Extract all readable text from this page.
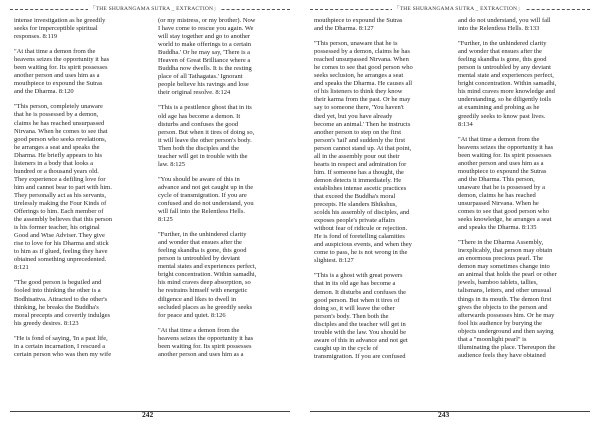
「THE SHURANGAMA SUTRA _ EXTRACTION」

intense investigation as he greedily
seeks for imperceptible spiritual
responses. 8:119

"At that time a demon from the
heavens seizes the opportunity it has
been waiting for. Its spirit possesses
another person and uses him as a
mouthpiece to expound the Sutras
and the Dharma. 8:120

"This person, completely unaware
that he is possessed by a demon,
claims he has reached unsurpassed
Nirvana. When he comes to see that
good person who seeks revelations,
he arranges a seat and speaks the
Dharma. He briefly appears to his
listeners in a body that looks a
hundred or a thousand years old.
They experience a defiling love for
him and cannot bear to part with him.
They personally act as his servants,
tirelessly making the Four Kinds of
Offerings to him. Each member of
the assembly believes that this person
is his former teacher, his original
Good and Wise Adviser. They give
rise to love for his Dharma and stick
to him as if glued, feeling they have
obtained something unprecedented.
8:121

"The good person is beguiled and
fooled into thinking the other is a
Bodhisattva. Attracted to the other's
thinking, he breaks the Buddha's
moral precepts and covertly indulges
his greedy desires. 8:123

"He is fond of saying, 'In a past life,
in a certain incarnation, I rescued a
certain person who was then my wife

(or my mistress, or my brother). Now
I have come to rescue you again. We
will stay together and go to another
world to make offerings to a certain
Buddha.' Or he may say, 'There is a
Heaven of Great Brilliance where a
Buddha now dwells. It is the resting
place of all Tathagatas.' Ignorant
people believe his ravings and lose
their original resolve. 8:124

"This is a pestilence ghost that in its
old age has become a demon. It
disturbs and confuses the good
person. But when it tires of doing so,
it will leave the other person's body.
Then both the disciples and the
teacher will get in trouble with the
law. 8:125

"You should be aware of this in
advance and not get caught up in the
cycle of transmigration. If you are
confused and do not understand, you
will fall into the Relentless Hells.
8:125

"Further, in the unhindered clarity
and wonder that ensues after the
feeling skandha is gone, this good
person is untroubled by deviant
mental states and experiences perfect,
bright concentration. Within samadhi,
his mind craves deep absorption, so
he restrains himself with energetic
diligence and likes to dwell in
secluded places as he greedily seeks
for peace and quiet. 8:126

"At that time a demon from the
heavens seizes the opportunity it has
been waiting for. Its spirit possesses
another person and uses him as a

242
「THE SHURANGAMA SUTRA _ EXTRACTION」

mouthpiece to expound the Sutras
and the Dharma. 8:127

"This person, unaware that he is
possessed by a demon, claims he has
reached unsurpassed Nirvana. When
he comes to see that good person who
seeks seclusion, he arranges a seat
and speaks the Dharma. He causes all
of his listeners to think they know
their karma from the past. Or he may
say to someone there, 'You haven't
died yet, but you have already
become an animal.' Then he instructs
another person to step on the first
person's 'tail' and suddenly the first
person cannot stand up. At that point,
all in the assembly pour out their
hearts in respect and admiration for
him. If someone has a thought, the
demon detects it immediately. He
establishes intense ascetic practices
that exceed the Buddha's moral
precepts. He slanders Bhikshus,
scolds his assembly of disciples, and
exposes people's private affairs
without fear of ridicule or rejection.
He is fond of foretelling calamities
and auspicious events, and when they
come to pass, he is not wrong in the
slightest. 8:127

"This is a ghost with great powers
that in its old age has become a
demon. It disturbs and confuses the
good person. But when it tires of
doing so, it will leave the other
person's body. Then both the
disciples and the teacher will get in
trouble with the law. You should be
aware of this in advance and not get
caught up in the cycle of
transmigration. If you are confused

and do not understand, you will fall
into the Relentless Hells. 8:133

"Further, in the unhindered clarity
and wonder that ensues after the
feeling skandha is gone, this good
person is untroubled by any deviant
mental state and experiences perfect,
bright concentration. Within samadhi,
his mind craves more knowledge and
understanding, so he diligently toils
at examining and probing as he
greedily seeks to know past lives.
8:134

"At that time a demon from the
heavens seizes the opportunity it has
been waiting for. Its spirit possesses
another person and uses him as a
mouthpiece to expound the Sutras
and the Dharma. This person,
unaware that he is possessed by a
demon, claims he has reached
unsurpassed Nirvana. When he
comes to see that good person who
seeks knowledge, he arranges a seat
and speaks the Dharma. 8:135

"There in the Dharma Assembly,
inexplicably, that person may obtain
an enormous precious pearl. The
demon may sometimes change into
an animal that holds the pearl or other
jewels, bamboo tablets, tallies,
talismans, letters, and other unusual
things in its mouth. The demon first
gives the objects to the person and
afterwards possesses him. Or he may
fool his audience by burying the
objects underground and then saying
that a "moonlight pearl" is
illuminating the place. Thereupon the
audience feels they have obtained

243
